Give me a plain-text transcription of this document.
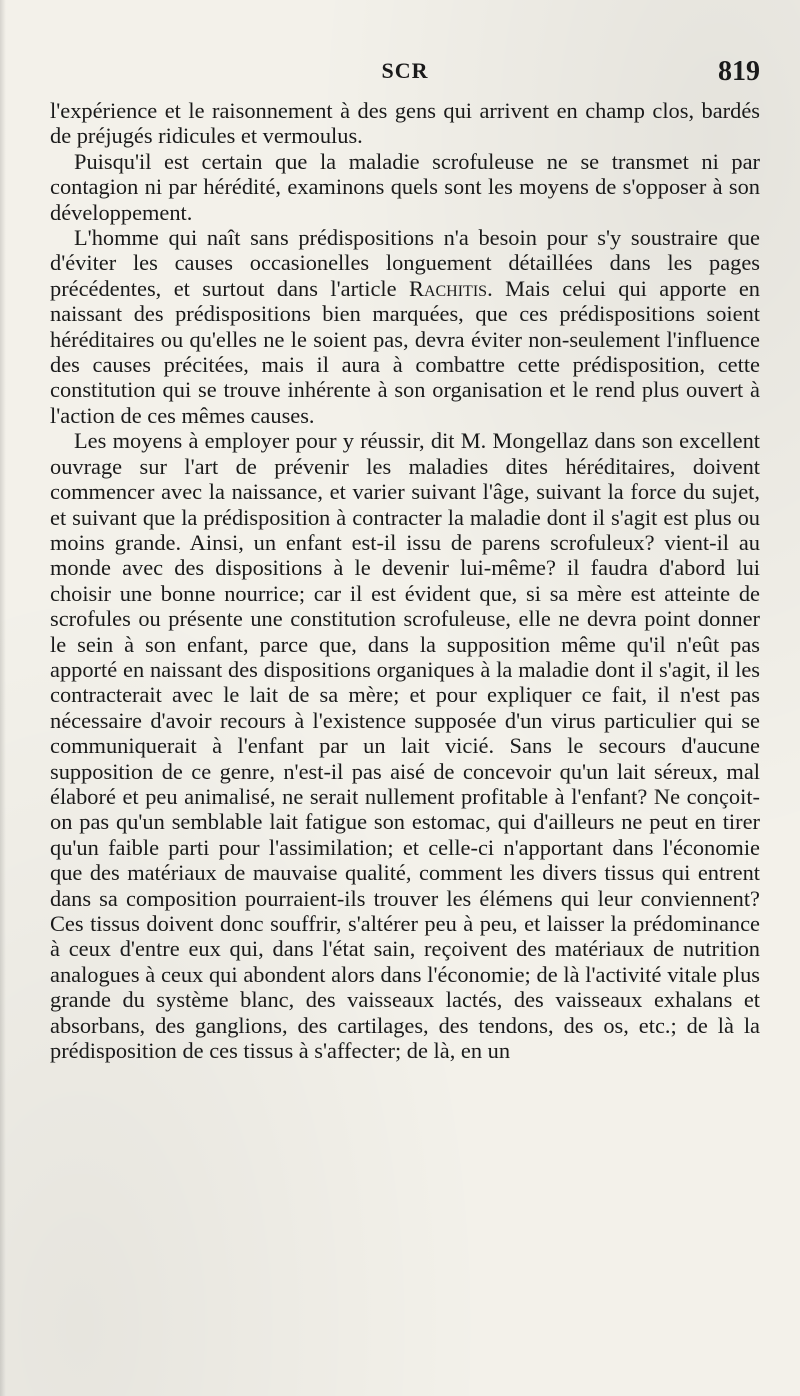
SCR	819

l'expérience et le raisonnement à des gens qui arrivent en champ clos, bardés de préjugés ridicules et vermoulus.

Puisqu'il est certain que la maladie scrofuleuse ne se transmet ni par contagion ni par hérédité, examinons quels sont les moyens de s'opposer à son développement.

L'homme qui naît sans prédispositions n'a besoin pour s'y soustraire que d'éviter les causes occasionelles longuement détaillées dans les pages précédentes, et surtout dans l'article Rachitis. Mais celui qui apporte en naissant des prédispositions bien marquées, que ces prédispositions soient héréditaires ou qu'elles ne le soient pas, devra éviter non-seulement l'influence des causes précitées, mais il aura à combattre cette prédisposition, cette constitution qui se trouve inhérente à son organisation et le rend plus ouvert à l'action de ces mêmes causes.

Les moyens à employer pour y réussir, dit M. Mongellaz dans son excellent ouvrage sur l'art de prévenir les maladies dites héréditaires, doivent commencer avec la naissance, et varier suivant l'âge, suivant la force du sujet, et suivant que la prédisposition à contracter la maladie dont il s'agit est plus ou moins grande. Ainsi, un enfant est-il issu de parens scrofuleux? vient-il au monde avec des dispositions à le devenir lui-même? il faudra d'abord lui choisir une bonne nourrice; car il est évident que, si sa mère est atteinte de scrofules ou présente une constitution scrofuleuse, elle ne devra point donner le sein à son enfant, parce que, dans la supposition même qu'il n'eût pas apporté en naissant des dispositions organiques à la maladie dont il s'agit, il les contracterait avec le lait de sa mère; et pour expliquer ce fait, il n'est pas nécessaire d'avoir recours à l'existence supposée d'un virus particulier qui se communiquerait à l'enfant par un lait vicié. Sans le secours d'aucune supposition de ce genre, n'est-il pas aisé de concevoir qu'un lait séreux, mal élaboré et peu animalisé, ne serait nullement profitable à l'enfant? Ne conçoit-on pas qu'un semblable lait fatigue son estomac, qui d'ailleurs ne peut en tirer qu'un faible parti pour l'assimilation; et celle-ci n'apportant dans l'économie que des matériaux de mauvaise qualité, comment les divers tissus qui entrent dans sa composition pourraient-ils trouver les élémens qui leur conviennent? Ces tissus doivent donc souffrir, s'altérer peu à peu, et laisser la prédominance à ceux d'entre eux qui, dans l'état sain, reçoivent des matériaux de nutrition analogues à ceux qui abondent alors dans l'économie; de là l'activité vitale plus grande du système blanc, des vaisseaux lactés, des vaisseaux exhalans et absorbans, des ganglions, des cartilages, des tendons, des os, etc.; de là la prédisposition de ces tissus à s'affecter; de là, en un
